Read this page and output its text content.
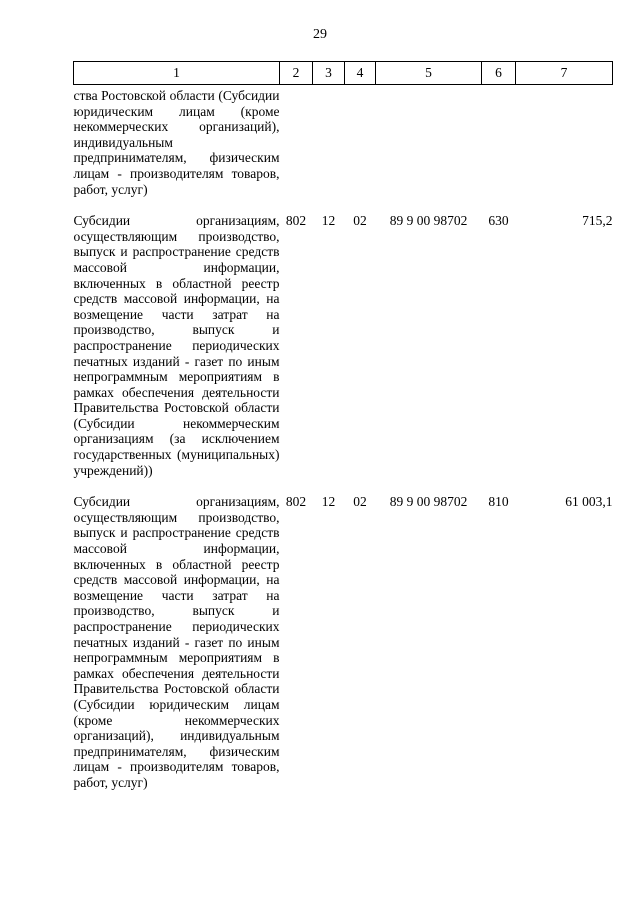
29
1	2	3	4	5	6	7
ства Ростовской области (Субсидии юридическим лицам (кроме некоммерческих организаций), индивидуальным предпринимателям, физическим лицам - производителям товаров, работ, услуг)						
Субсидии организациям, осуществляющим производство, выпуск и распространение средств массовой информации, включенных в областной реестр средств массовой информации, на возмещение части затрат на производство, выпуск и распространение периодических печатных изданий - газет по иным непрограммным мероприятиям в рамках обеспечения деятельности Правительства Ростовской области (Субсидии некоммерческим организациям (за исключением государственных (муниципальных) учреждений))	802	12	02	89 9 00 98702	630	715,2
Субсидии организациям, осуществляющим производство, выпуск и распространение средств массовой информации, включенных в областной реестр средств массовой информации, на возмещение части затрат на производство, выпуск и распространение периодических печатных изданий - газет по иным непрограммным мероприятиям в рамках обеспечения деятельности Правительства Ростовской области (Субсидии юридическим лицам (кроме некоммерческих организаций), индивидуальным предпринимателям, физическим лицам - производителям товаров, работ, услуг)	802	12	02	89 9 00 98702	810	61 003,1
